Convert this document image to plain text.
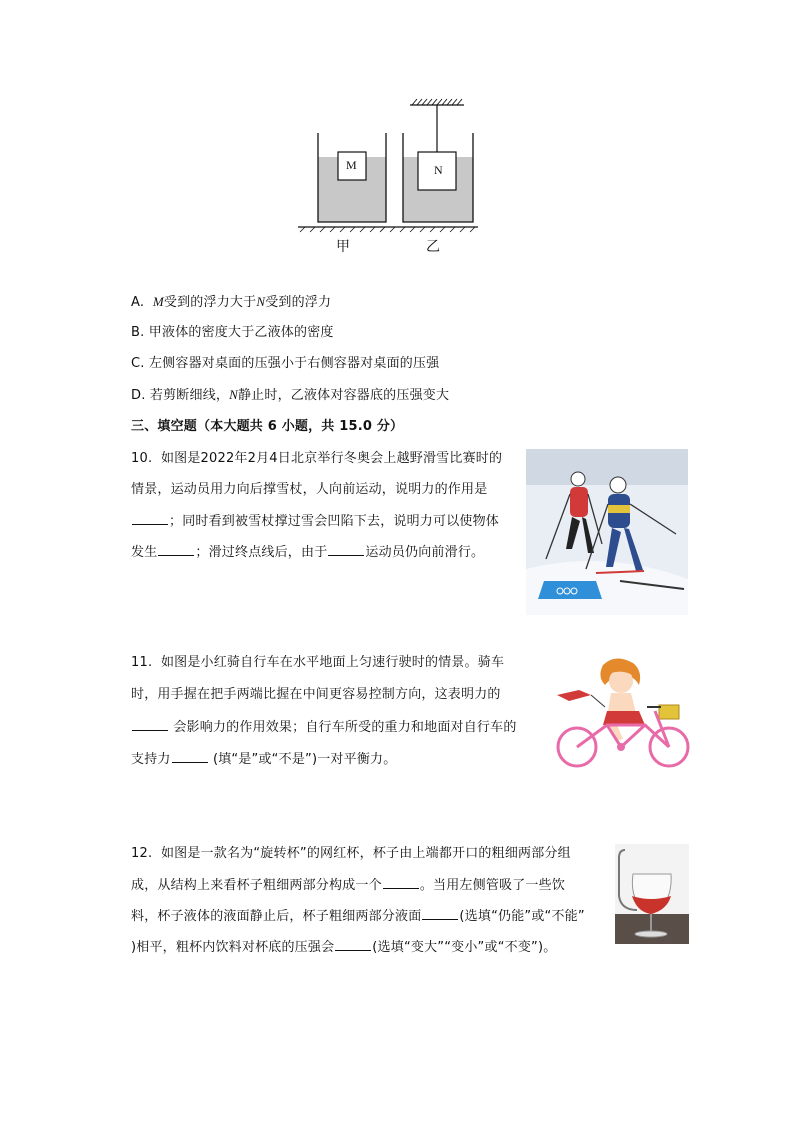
M	N
甲	乙
A. M受到的浮力大于N受到的浮力
B. 甲液体的密度大于乙液体的密度
C. 左侧容器对桌面的压强小于右侧容器对桌面的压强
D. 若剪断细线，N静止时，乙液体对容器底的压强变大
三、填空题（本大题共 6 小题，共 15.0 分）
10. 如图是2022年2月4日北京举行冬奥会上越野滑雪比赛时的
情景，运动员用力向后撑雪杖，人向前运动，说明力的作用是
；同时看到被雪杖撑过雪会凹陷下去，说明力可以使物体
发生	；滑过终点线后，由于	运动员仍向前滑行。
11. 如图是小红骑自行车在水平地面上匀速行驶时的情景。骑车
时，用手握在把手两端比握在中间更容易控制方向，这表明力的
会影响力的作用效果；自行车所受的重力和地面对自行车的
支持力	(填“是”或“不是”)一对平衡力。
12. 如图是一款名为“旋转杯”的网红杯，杯子由上端都开口的粗细两部分组
成，从结构上来看杯子粗细两部分构成一个	。当用左侧管吸了一些饮
料，杯子液体的液面静止后，杯子粗细两部分液面	(选填“仍能”或“不能”
)相平，粗杯内饮料对杯底的压强会	(选填“变大”“变小”或“不变”)。
